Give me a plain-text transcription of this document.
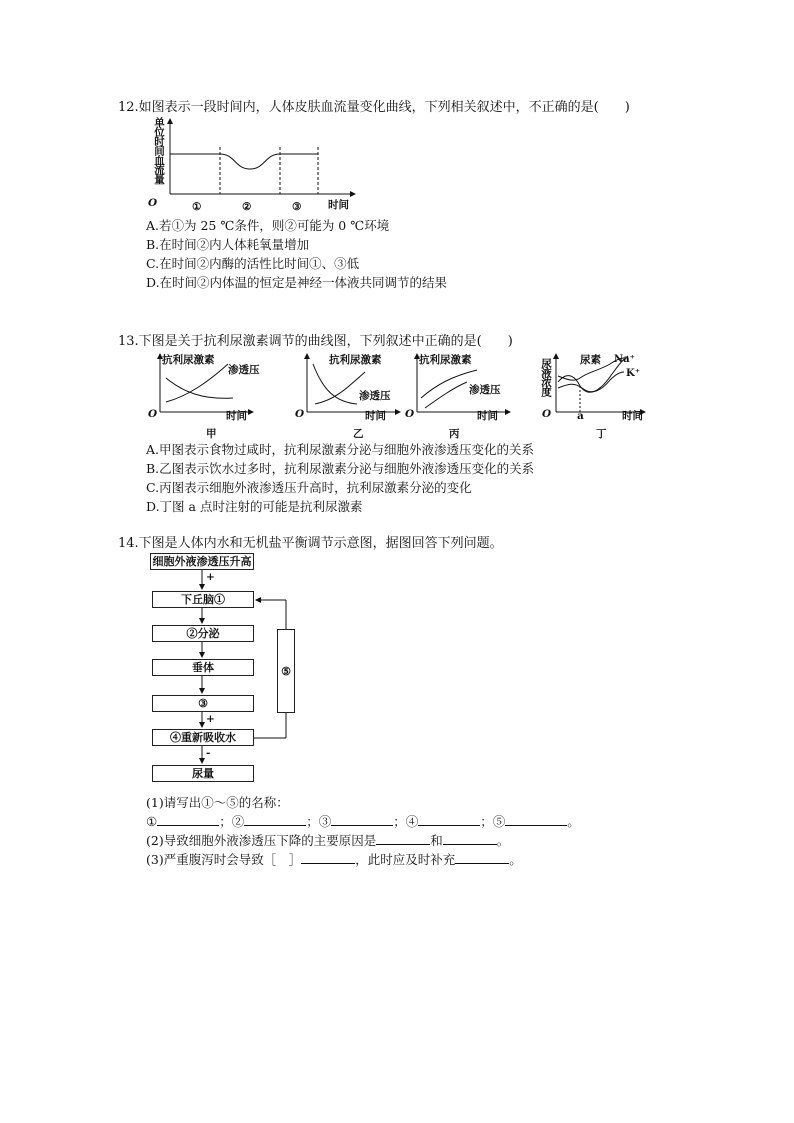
12.如图表示一段时间内，人体皮肤血流量变化曲线，下列相关叙述中，不正确的是(　　)
单位时间血流量
①	②	③	时间
O
A.若①为 25 ℃条件，则②可能为 0 ℃环境
B.在时间②内人体耗氧量增加
C.在时间②内酶的活性比时间①、③低
D.在时间②内体温的恒定是神经一体液共同调节的结果
13.下图是关于抗利尿激素调节的曲线图，下列叙述中正确的是(　　)
抗利尿激素
渗透压
O	时间
甲
抗利尿激素
渗透压
O	时间
乙
抗利尿激素
渗透压
O	时间
丙
尿液浓度	尿素 Na⁺
K⁺
O a	时间
丁
A.甲图表示食物过咸时，抗利尿激素分泌与细胞外液渗透压变化的关系
B.乙图表示饮水过多时，抗利尿激素分泌与细胞外液渗透压变化的关系
C.丙图表示细胞外液渗透压升高时，抗利尿激素分泌的变化
D.丁图 a 点时注射的可能是抗利尿激素
14.下图是人体内水和无机盐平衡调节示意图，据图回答下列问题。
细胞外液渗透压升高
+
下丘脑①
②分泌
垂体
③
+
④重新吸收水
-
尿量
⑤
(1)请写出①～⑤的名称：
①	；②	；③	；④	；⑤	。
(2)导致细胞外液渗透压下降的主要原因是	和	。
(3)严重腹泻时会导致［　］	，此时应及时补充	。
